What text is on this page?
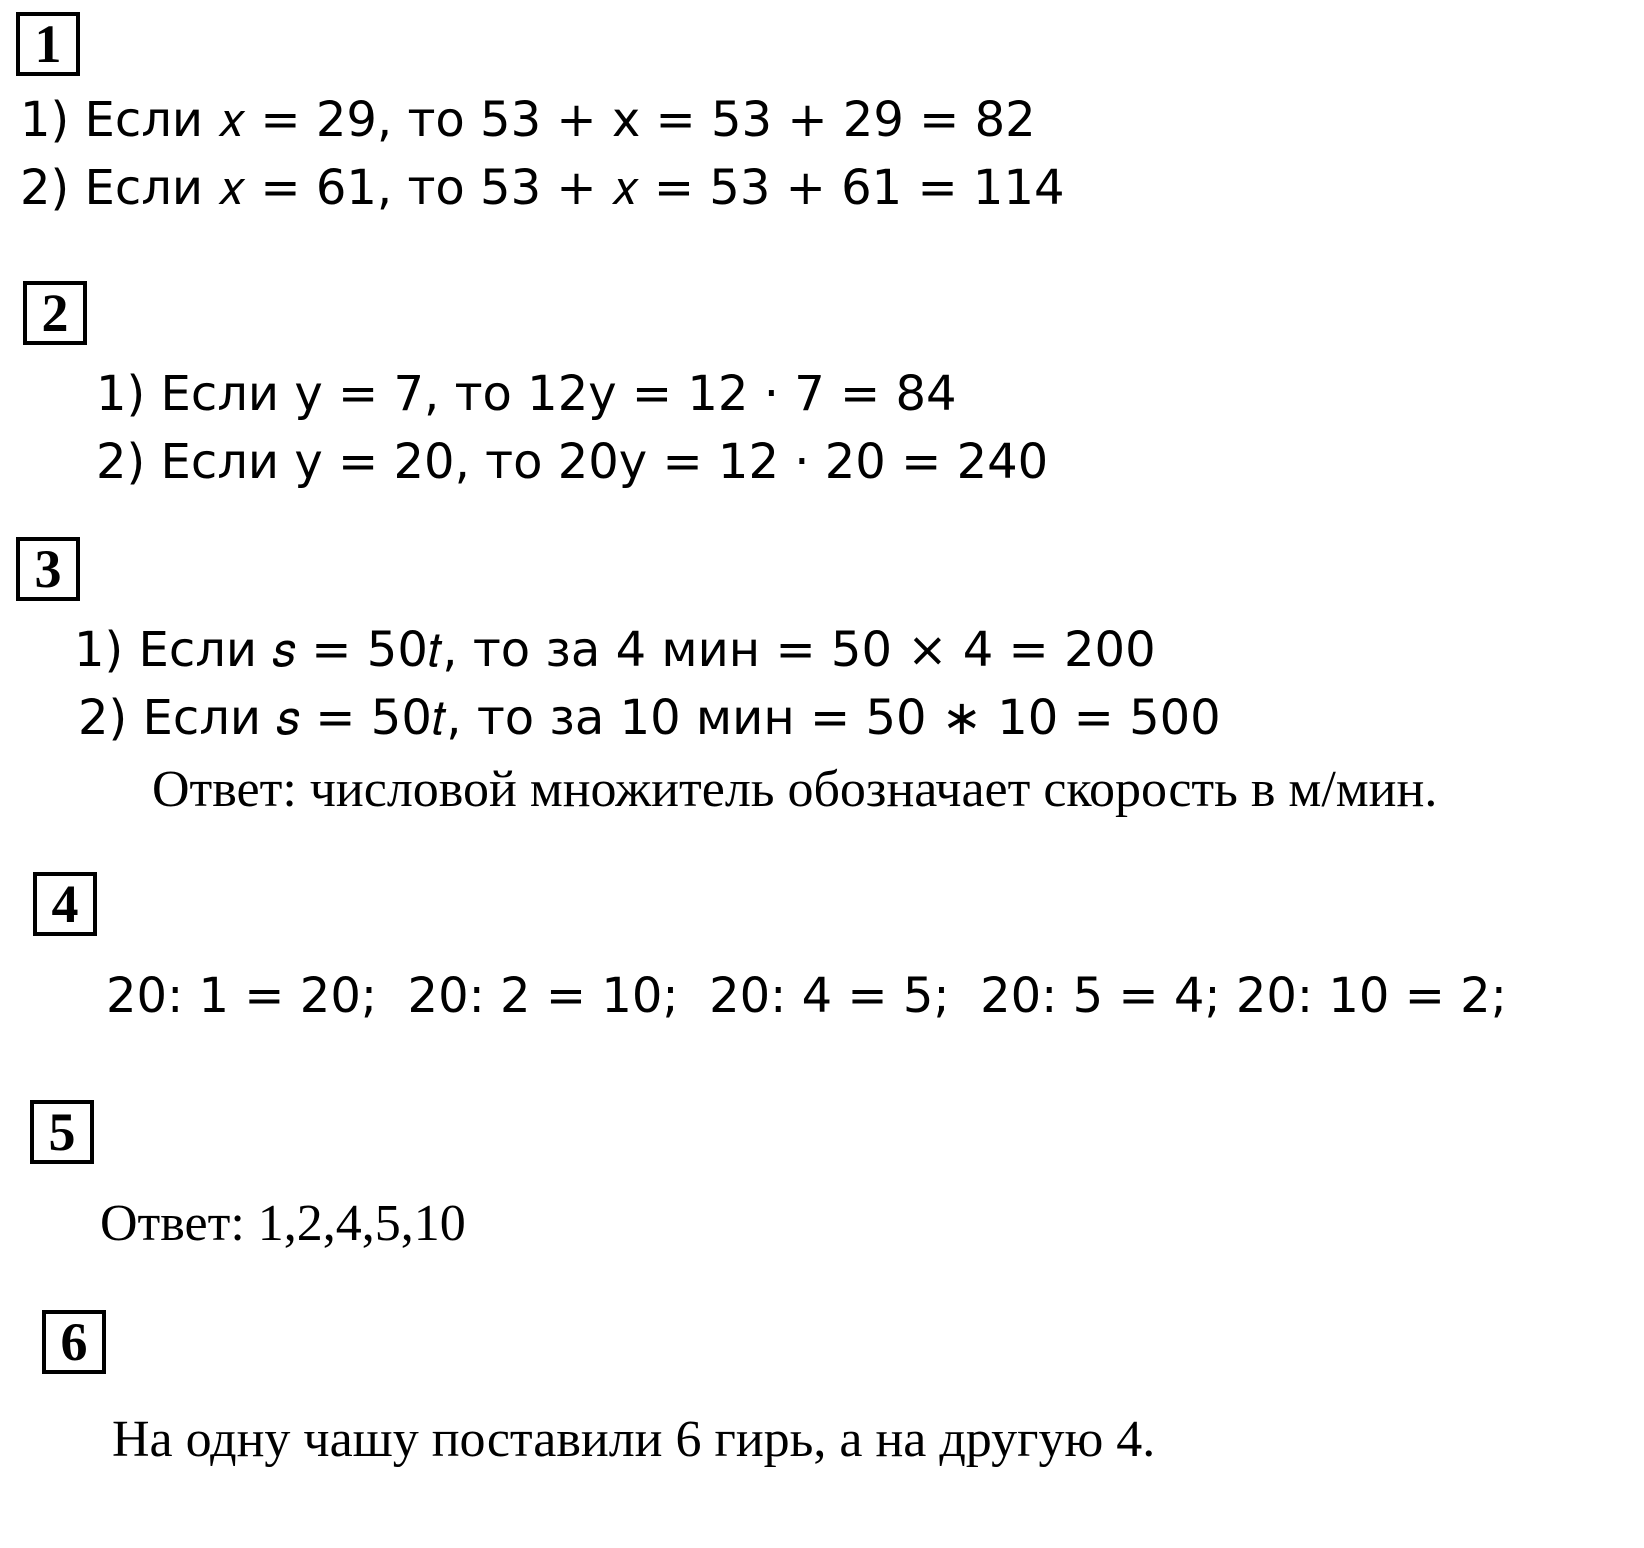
1
1) Если 𝑥 = 29, то 53 + x = 53 + 29 = 82
2) Если 𝑥 = 61, то 53 + 𝑥 = 53 + 61 = 114
2
1) Если y = 7, то 12y = 12 · 7 = 84
2) Если y = 20, то 20y = 12 · 20 = 240
3
1) Если 𝑠 = 50𝑡, то за 4 мин = 50 × 4 = 200
2) Если 𝑠 = 50𝑡, то за 10 мин = 50 ∗ 10 = 500
Ответ: числовой множитель обозначает скорость в м/мин.
4
20: 1 = 20;  20: 2 = 10;  20: 4 = 5;  20: 5 = 4; 20: 10 = 2;
5
Ответ: 1,2,4,5,10
6
На одну чашу поставили 6 гирь, а на другую 4.
